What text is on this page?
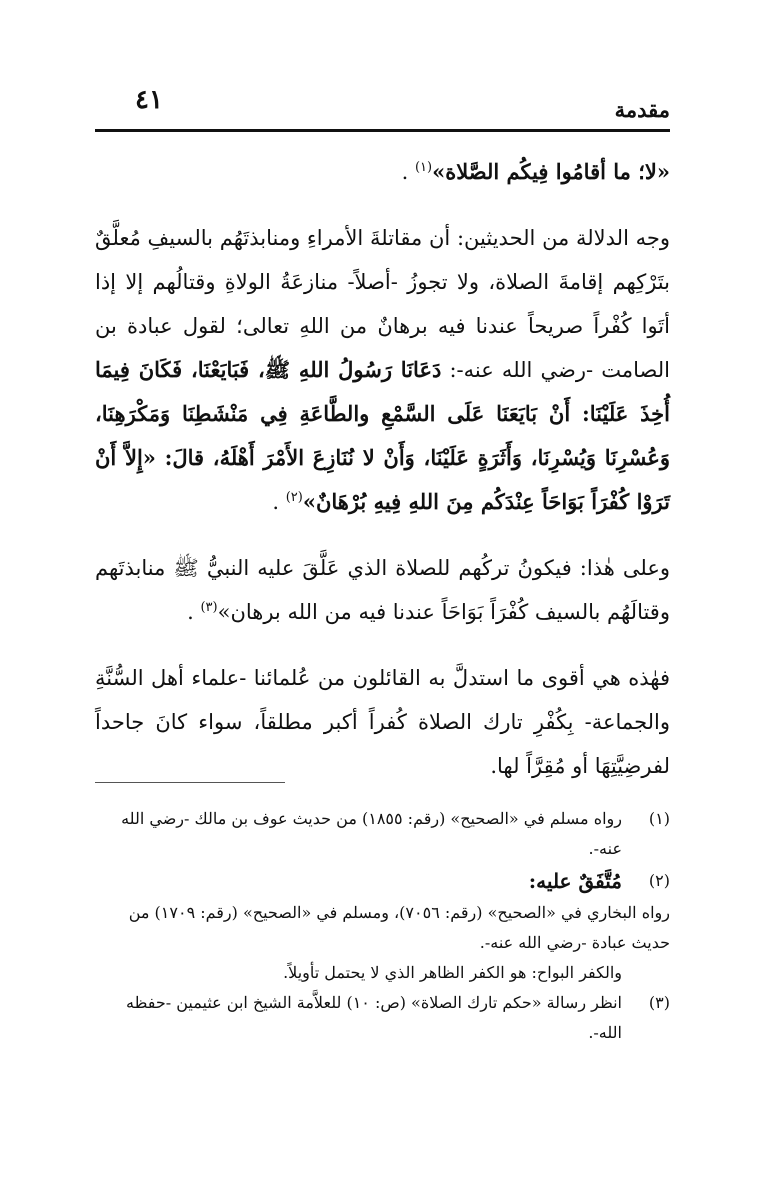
مقدمة
٤١

«لا؛ ما أقامُوا فِيكُم الصَّلاة»$^{(١)}$ .

وجه الدلالة من الحديثين: أن مقاتلةَ الأمراءِ ومنابذتَهُم بالسيفِ مُعلَّقٌ بتَرْكِهم إقامةَ الصلاة، ولا تجوزُ -أصلاً- منازعَةُ الولاةِ وقتالُهم إلا إذا أتَوا كُفْراً صريحاً عندنا فيه برهانٌ من اللهِ تعالى؛ لقول عبادة بن الصامت -رضي الله عنه-: دَعَانَا رَسُولُ اللهِ ﷺ، فَبَايَعْنَا، فَكَانَ فِيمَا أُخِذَ عَلَيْنَا: أَنْ بَايَعَنَا عَلَى السَّمْعِ والطَّاعَةِ فِي مَنْشَطِنَا وَمَكْرَهِنَا، وَعُسْرِنَا وَيُسْرِنَا، وَأَثَرَةٍ عَلَيْنَا، وَأَنْ لا نُنَازِعَ الأَمْرَ أَهْلَهُ، قالَ: «إِلاَّ أَنْ تَرَوْا كُفْرَاً بَوَاحَاً عِنْدَكُم مِنَ اللهِ فِيهِ بُرْهَانٌ»$^{(٢)}$ .

وعلى هٰذا: فيكونُ تركُهم للصلاة الذي عَلَّقَ عليه النبيُّ ﷺ منابذتَهم وقتالَهُم بالسيف كُفْرَاً بَوَاحَاً عندنا فيه من الله برهان»$^{(٣)}$ .

فهٰذه هي أقوى ما استدلَّ به القائلون من عُلمائنا -علماء أهل السُّنَّةِ والجماعة- بِكُفْرِ تارك الصلاة كُفراً أكبر مطلقاً، سواء كانَ جاحداً لفرضِيَّتِهَا أو مُقِرَّاً لها.

(١)
رواه مسلم في «الصحيح» (رقم: ١٨٥٥) من حديث عوف بن مالك -رضي الله عنه-.
(٢)
مُتَّفَقٌ عليه:
رواه البخاري في «الصحيح» (رقم: ٧٠٥٦)، ومسلم في «الصحيح» (رقم: ١٧٠٩) من حديث عبادة -رضي الله عنه-.
والكفر البواح: هو الكفر الظاهر الذي لا يحتمل تأويلاً.
(٣)
انظر رسالة «حكم تارك الصلاة» (ص: ١٠) للعلاَّمة الشيخ ابن عثيمين -حفظه الله-.
